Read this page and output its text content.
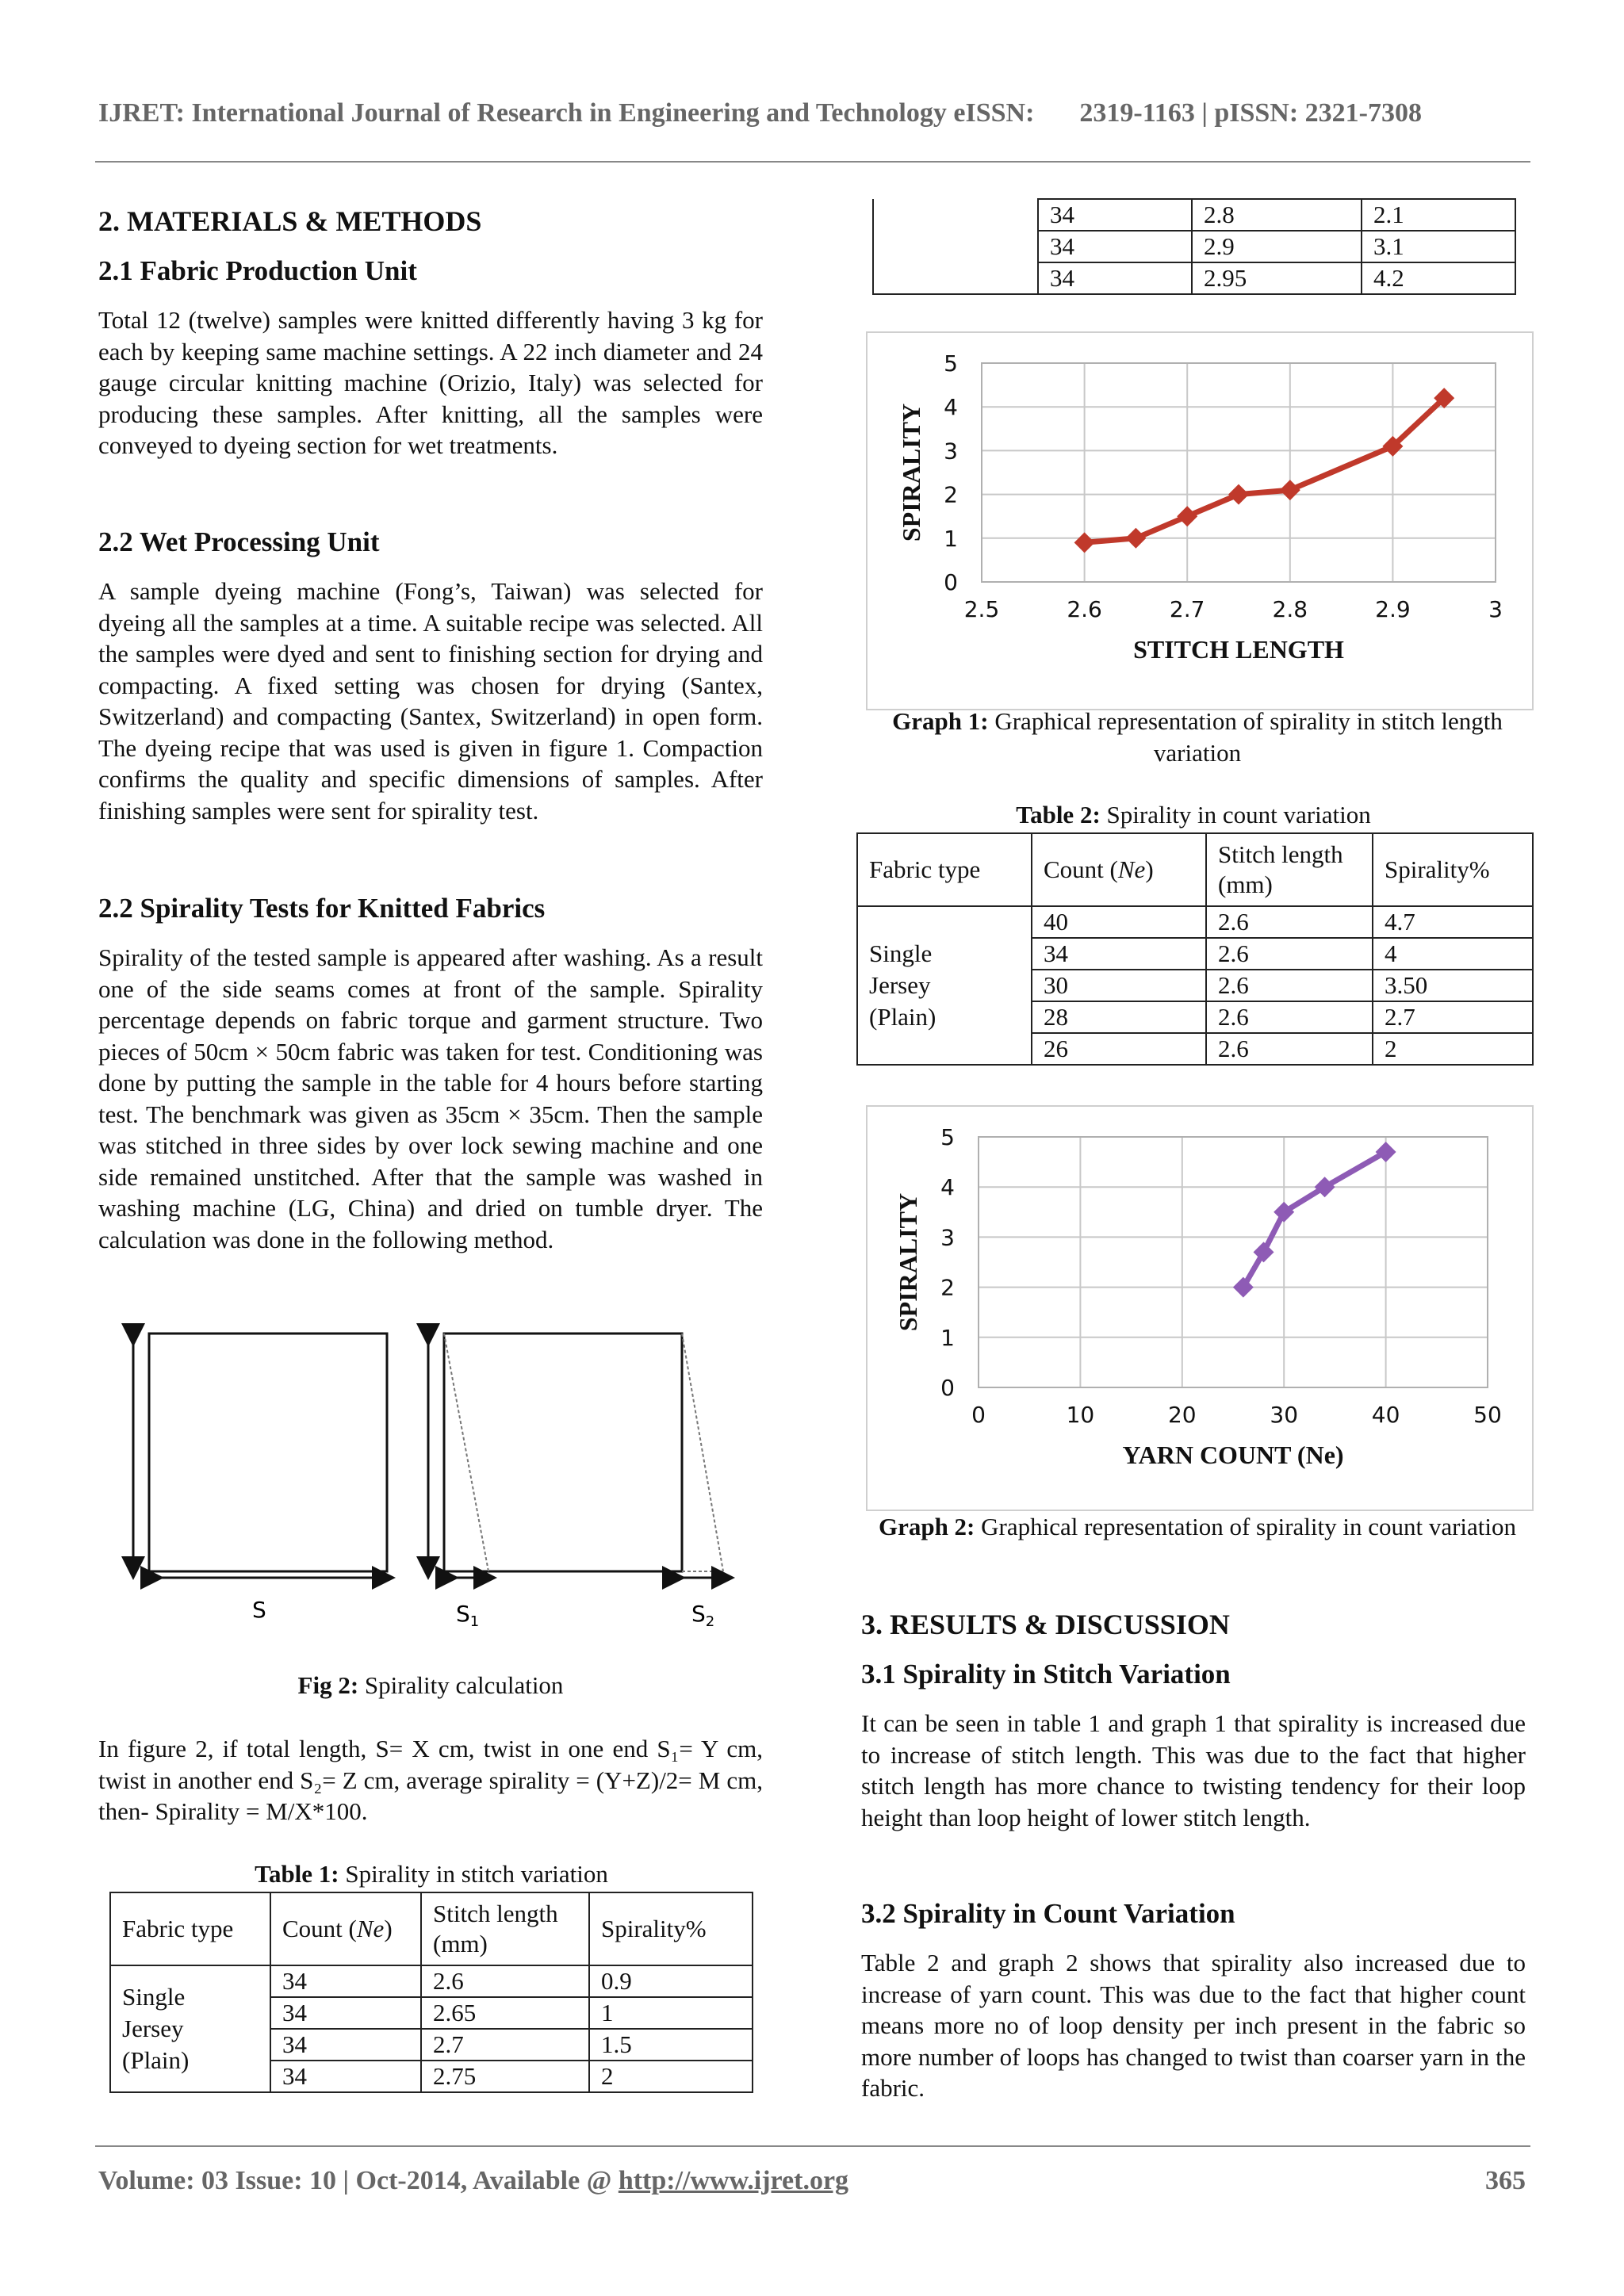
IJRET: International Journal of Research in Engineering and Technology eISSN: 2319-1163 | pISSN: 2321-7308
2. MATERIALS & METHODS
2.1 Fabric Production Unit

Total 12 (twelve) samples were knitted differently having 3 kg for each by keeping same machine settings. A 22 inch diameter and 24 gauge circular knitting machine (Orizio, Italy) was selected for producing these samples. After knitting, all the samples were conveyed to dyeing section for wet treatments.

2.2 Wet Processing Unit

A sample dyeing machine (Fong’s, Taiwan) was selected for dyeing all the samples at a time. A suitable recipe was selected. All the samples were dyed and sent to finishing section for drying and compacting. A fixed setting was chosen for drying (Santex, Switzerland) and compacting (Santex, Switzerland) in open form. The dyeing recipe that was used is given in figure 1. Compaction confirms the quality and specific dimensions of samples. After finishing samples were sent for spirality test.

2.2 Spirality Tests for Knitted Fabrics

Spirality of the tested sample is appeared after washing. As a result one of the side seams comes at front of the sample. Spirality percentage depends on fabric torque and garment structure. Two pieces of 50cm × 50cm fabric was taken for test. Conditioning was done by putting the sample in the table for 4 hours before starting test. The benchmark was given as 35cm × 35cm. Then the sample was stitched in three sides by over lock sewing machine and one side remained unstitched. After that the sample was washed in washing machine (LG, China) and dried on tumble dryer. The calculation was done in the following method.

S	$S_1$	$S_2$
Fig 2: Spirality calculation

In figure 2, if total length, S= X cm, twist in one end S₁= Y cm, twist in another end S₂= Z cm, average spirality = (Y+Z)/2= M cm, then- Spirality = M/X*100.

Table 1: Spirality in stitch variation
Fabric type	Count (Ne)	Stitch length (mm)	Spirality%

Single
Jersey
(Plain)	34	2.6	0.9
	34	2.65	1
	34	2.7	1.5
	34	2.75	2
	34	2.8	2.1
	34	2.9	3.1
	34	2.95	4.2
2.5	2.6	2.7	2.8	2.9	3
0
1
2
3
4
5
STITCH LENGTH
SPIRALITY
Graph 1: Graphical representation of spirality in stitch length variation
Table 2: Spirality in count variation
Fabric type	Count (Ne)	Stitch length (mm)	Spirality%

Single
Jersey
(Plain)	40	2.6	4.7
	34	2.6	4
	30	2.6	3.50
	28	2.6	2.7
	26	2.6	2
0	10	20	30	40	50
0
1
2
3
4
5
YARN COUNT (Ne)
SPIRALITY
Graph 2: Graphical representation of spirality in count variation
3. RESULTS & DISCUSSION
3.1 Spirality in Stitch Variation

It can be seen in table 1 and graph 1 that spirality is increased due to increase of stitch length. This was due to the fact that higher stitch length has more chance to twisting tendency for their loop height than loop height of lower stitch length.

3.2 Spirality in Count Variation

Table 2 and graph 2 shows that spirality also increased due to increase of yarn count. This was due to the fact that higher count means more no of loop density per inch present in the fabric so more number of loops has changed to twist than coarser yarn in the fabric.

Volume: 03 Issue: 10 | Oct-2014, Available @ http://www.ijret.org	365
